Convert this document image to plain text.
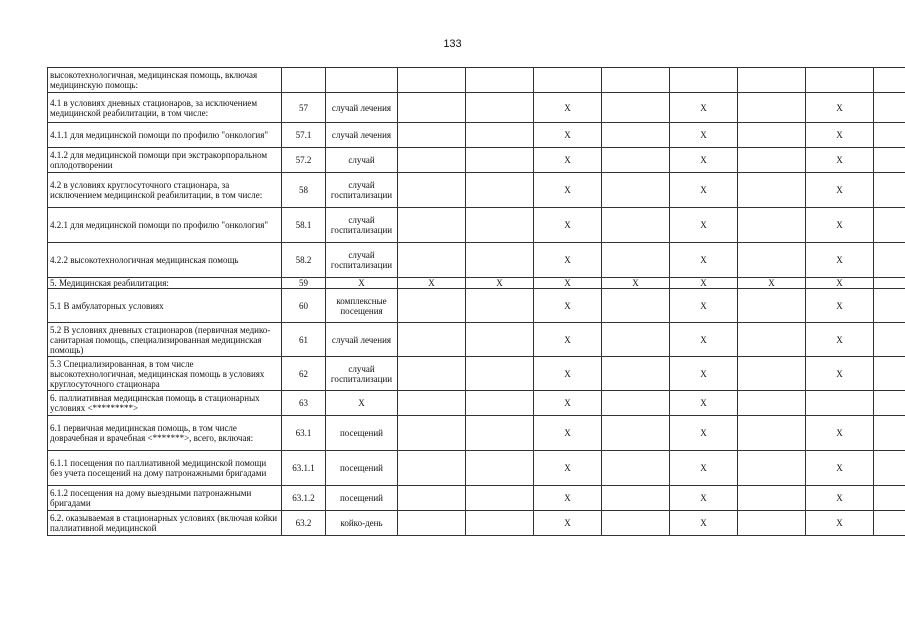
133
высокотехнологичная, медицинская помощь, включая медицинскую помощь:										
4.1 в условиях дневных стационаров, за исключением медицинской реабилитации, в том числе:	57	случай лечения			X		X		X	
4.1.1 для медицинской помощи по профилю "онкология"	57.1	случай лечения			X		X		X	
4.1.2 для медицинской помощи при экстракорпоральном оплодотворении	57.2	случай			X		X		X	
4.2 в условиях круглосуточного стационара, за исключением медицинской реабилитации, в том числе:	58	случай госпитализации			X		X		X	
4.2.1 для медицинской помощи по профилю "онкология"	58.1	случай госпитализации			X		X		X	
4.2.2 высокотехнологичная медицинская помощь	58.2	случай госпитализации			X		X		X	
5. Медицинская реабилитация:	59	X	X	X	X	X	X	X	X	
5.1 В амбулаторных условиях	60	комплексные посещения			X		X		X	
5.2 В условиях дневных стационаров (первичная медико-санитарная помощь, специализированная медицинская помощь)	61	случай лечения			X		X		X	
5.3 Специализированная, в том числе высокотехнологичная, медицинская помощь в условиях круглосуточного стационара	62	случай госпитализации			X		X		X	
6. паллиативная медицинская помощь в стационарных условиях <*********>	63	X			X		X			
6.1 первичная медицинская помощь, в том числе доврачебная и врачебная <*******>, всего, включая:	63.1	посещений			X		X		X	
6.1.1 посещения по паллиативной медицинской помощи без учета посещений на дому патронажными бригадами	63.1.1	посещений			X		X		X	
6.1.2 посещения на дому выездными патронажными бригадами	63.1.2	посещений			X		X		X	
6.2. оказываемая в стационарных условиях (включая койки паллиативной медицинской	63.2	койко-день			X		X		X	
